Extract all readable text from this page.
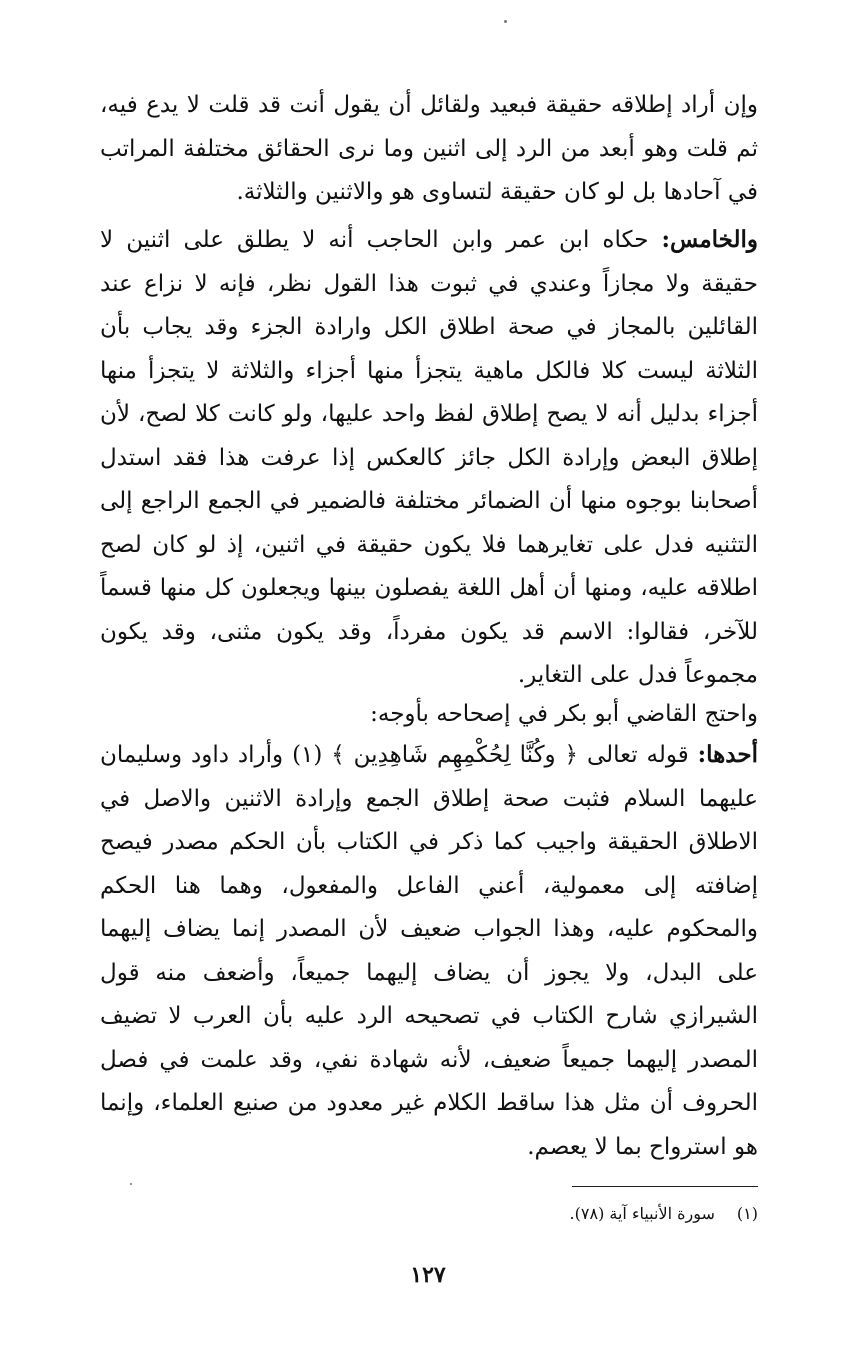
وإن أراد إطلاقه حقيقة فبعيد ولقائل أن يقول أنت قد قلت لا يدع فيه، ثم قلت وهو أبعد من الرد إلى اثنين وما نرى الحقائق مختلفة المراتب في آحادها بل لو كان حقيقة لتساوى هو والاثنين والثلاثة.

والخامس: حكاه ابن عمر وابن الحاجب أنه لا يطلق على اثنين لا حقيقة ولا مجازاً وعندي في ثبوت هذا القول نظر، فإنه لا نزاع عند القائلين بالمجاز في صحة اطلاق الكل وارادة الجزء وقد يجاب بأن الثلاثة ليست كلا فالكل ماهية يتجزأ منها أجزاء والثلاثة لا يتجزأ منها أجزاء بدليل أنه لا يصح إطلاق لفظ واحد عليها، ولو كانت كلا لصح، لأن إطلاق البعض وإرادة الكل جائز كالعكس إذا عرفت هذا فقد استدل أصحابنا بوجوه منها أن الضمائر مختلفة فالضمير في الجمع الراجع إلى التثنيه فدل على تغايرهما فلا يكون حقيقة في اثنين، إذ لو كان لصح اطلاقه عليه، ومنها أن أهل اللغة يفصلون بينها ويجعلون كل منها قسماً للآخر، فقالوا: الاسم قد يكون مفرداً، وقد يكون مثنى، وقد يكون مجموعاً فدل على التغاير.

واحتج القاضي أبو بكر في إصحاحه بأوجه:

أحدها: قوله تعالى ﴿ وكُنَّا لِحُكْمِهِم شَاهِدِين ﴾ (١) وأراد داود وسليمان عليهما السلام فثبت صحة إطلاق الجمع وإرادة الاثنين والاصل في الاطلاق الحقيقة واجيب كما ذكر في الكتاب بأن الحكم مصدر فيصح إضافته إلى معمولية، أعني الفاعل والمفعول، وهما هنا الحكم والمحكوم عليه، وهذا الجواب ضعيف لأن المصدر إنما يضاف إليهما على البدل، ولا يجوز أن يضاف إليهما جميعاً، وأضعف منه قول الشيرازي شارح الكتاب في تصحيحه الرد عليه بأن العرب لا تضيف المصدر إليهما جميعاً ضعيف، لأنه شهادة نفي، وقد علمت في فصل الحروف أن مثل هذا ساقط الكلام غير معدود من صنيع العلماء، وإنما هو استرواح بما لا يعصم.

(١)سورة الأنبياء آية (٧٨).
١٢٧
